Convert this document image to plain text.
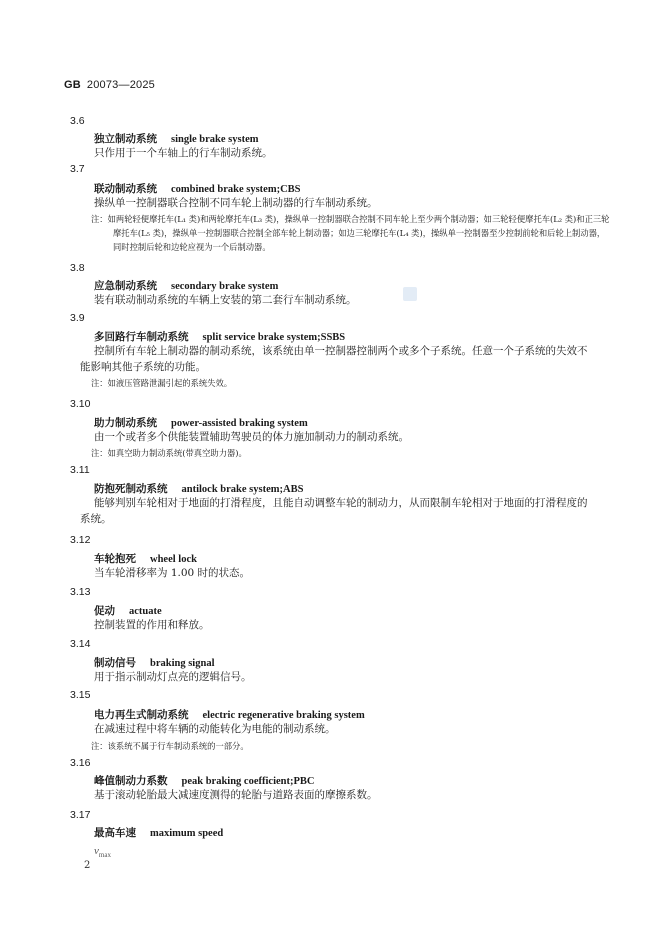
GB 20073—2025
3.6
独立制动系统 single brake system
只作用于一个车轴上的行车制动系统。
3.7
联动制动系统 combined brake system;CBS
操纵单一控制器联合控制不同车轮上制动器的行车制动系统。
注：如两轮轻便摩托车(L₁ 类)和两轮摩托车(L₃ 类)，操纵单一控制器联合控制不同车轮上至少两个制动器；如三轮轻便摩托车(L₂ 类)和正三轮摩托车(L₅ 类)，操纵单一控制器联合控制全部车轮上制动器；如边三轮摩托车(L₄ 类)，操纵单一控制器至少控制前轮和后轮上制动器，同时控制后轮和边轮应视为一个后制动器。
3.8
应急制动系统 secondary brake system
装有联动制动系统的车辆上安装的第二套行车制动系统。
3.9
多回路行车制动系统 split service brake system;SSBS
控制所有车轮上制动器的制动系统，该系统由单一控制器控制两个或多个子系统。任意一个子系统的失效不能影响其他子系统的功能。
注：如液压管路泄漏引起的系统失效。
3.10
助力制动系统 power-assisted braking system
由一个或者多个供能装置辅助驾驶员的体力施加制动力的制动系统。
注：如真空助力制动系统(带真空助力器)。
3.11
防抱死制动系统 antilock brake system;ABS
能够判别车轮相对于地面的打滑程度，且能自动调整车轮的制动力，从而限制车轮相对于地面的打滑程度的系统。
3.12
车轮抱死 wheel lock
当车轮滑移率为 1.00 时的状态。
3.13
促动 actuate
控制装置的作用和释放。
3.14
制动信号 braking signal
用于指示制动灯点亮的逻辑信号。
3.15
电力再生式制动系统 electric regenerative braking system
在减速过程中将车辆的动能转化为电能的制动系统。
注：该系统不属于行车制动系统的一部分。
3.16
峰值制动力系数 peak braking coefficient;PBC
基于滚动轮胎最大减速度测得的轮胎与道路表面的摩擦系数。
3.17
最高车速 maximum speed
$v_{max}$
2
